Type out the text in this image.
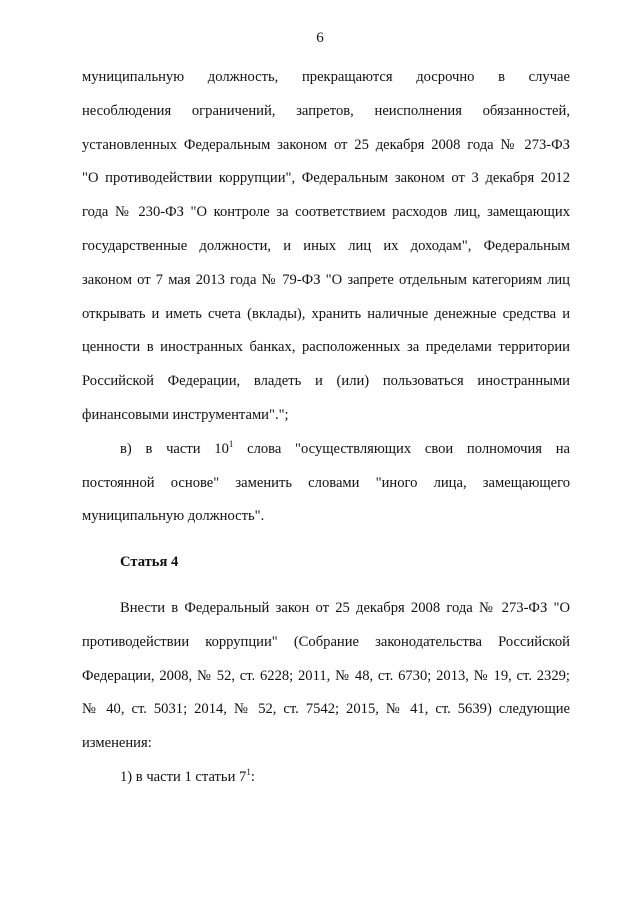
6
муниципальную должность, прекращаются досрочно в случае
несоблюдения ограничений, запретов, неисполнения обязанностей,
установленных Федеральным законом от 25 декабря 2008 года № 273-ФЗ
"О противодействии коррупции", Федеральным законом от 3 декабря 2012
года № 230-ФЗ "О контроле за соответствием расходов лиц, замещающих
государственные должности, и иных лиц их доходам", Федеральным
законом от 7 мая 2013 года № 79-ФЗ "О запрете отдельным категориям лиц
открывать и иметь счета (вклады), хранить наличные денежные средства и
ценности в иностранных банках, расположенных за пределами территории
Российской Федерации, владеть и (или) пользоваться иностранными
финансовыми инструментами".";
в) в части $10^1$ слова "осуществляющих свои полномочия на
постоянной основе" заменить словами "иного лица, замещающего
муниципальную должность".
Статья 4
Внести в Федеральный закон от 25 декабря 2008 года № 273-ФЗ "О
противодействии коррупции" (Собрание законодательства Российской
Федерации, 2008, № 52, ст. 6228; 2011, № 48, ст. 6730; 2013, № 19, ст. 2329;
№ 40, ст. 5031; 2014, № 52, ст. 7542; 2015, № 41, ст. 5639) следующие
изменения:
1) в части 1 статьи $7^1$:
